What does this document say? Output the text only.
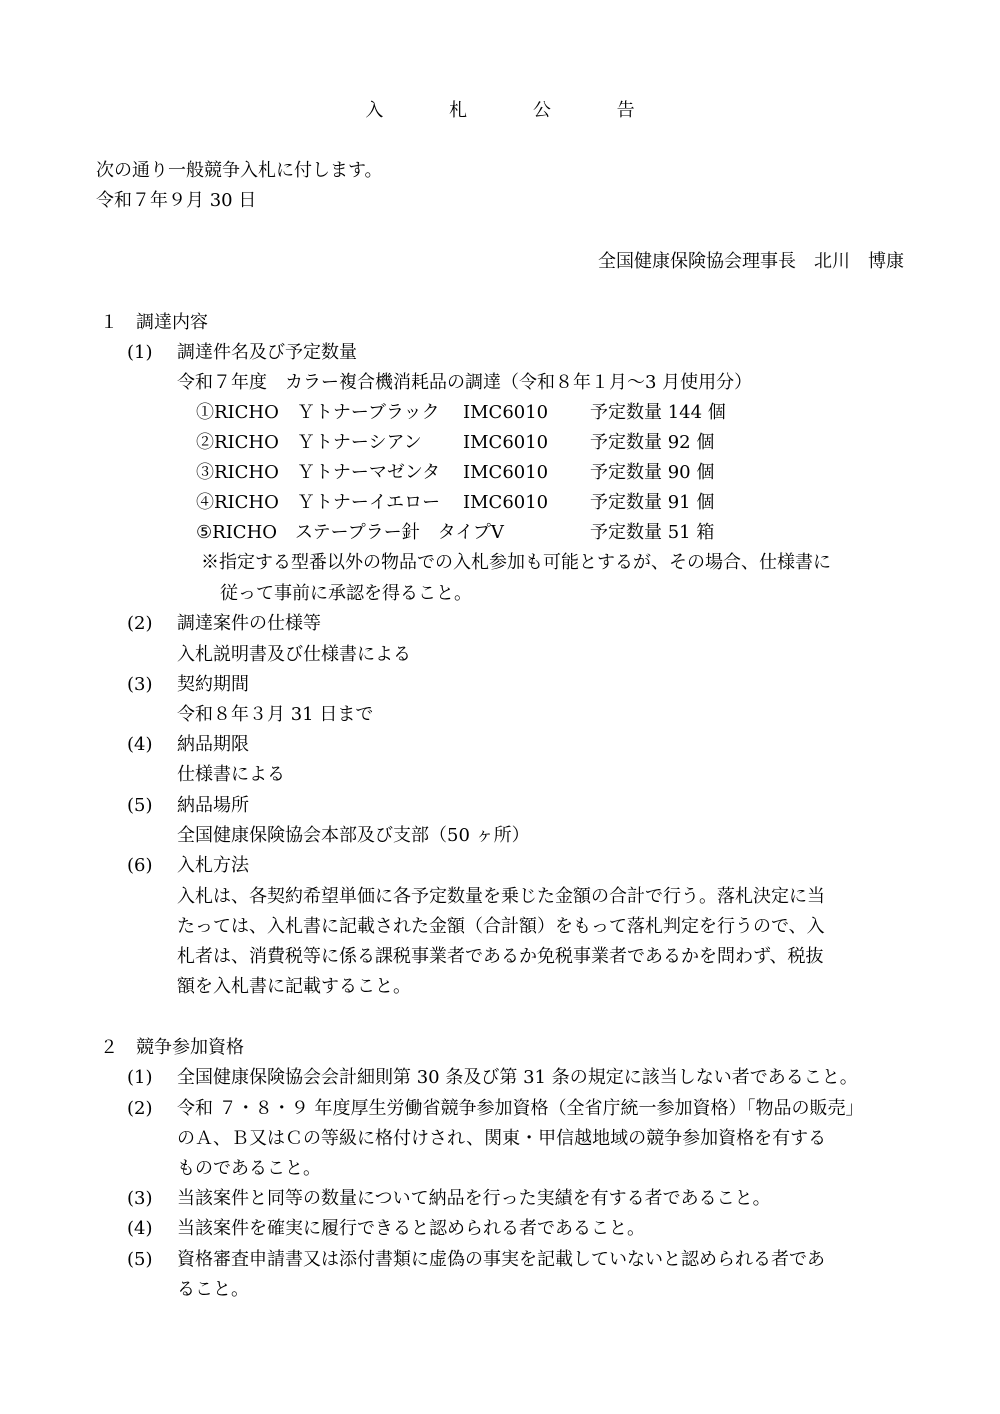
入 札 公 告
次の通り一般競争入札に付します。
令和７年９月 30 日
全国健康保険協会理事長　北川　博康
１ 調達内容
(1) 調達件名及び予定数量
令和７年度　カラー複合機消耗品の調達（令和８年１月～3 月使用分）
①RICHO　Ｙトナーブラック IMC6010 予定数量 144 個
②RICHO　Ｙトナーシアン IMC6010 予定数量 92 個
③RICHO　Ｙトナーマゼンタ IMC6010 予定数量 90 個
④RICHO　Ｙトナーイエロー IMC6010 予定数量 91 個
⑤RICHO　ステープラー針　タイプⅤ	予定数量 51 箱
※指定する型番以外の物品での入札参加も可能とするが、その場合、仕様書に
従って事前に承認を得ること。
(2) 調達案件の仕様等
入札説明書及び仕様書による
(3) 契約期間
令和８年３月 31 日まで
(4) 納品期限
仕様書による
(5) 納品場所
全国健康保険協会本部及び支部（50 ヶ所）
(6) 入札方法
入札は、各契約希望単価に各予定数量を乗じた金額の合計で行う。落札決定に当
たっては、入札書に記載された金額（合計額）をもって落札判定を行うので、入
札者は、消費税等に係る課税事業者であるか免税事業者であるかを問わず、税抜
額を入札書に記載すること。
２ 競争参加資格
(1) 全国健康保険協会会計細則第 30 条及び第 31 条の規定に該当しない者であること。
(2) 令和 ７・８・９ 年度厚生労働省競争参加資格（全省庁統一参加資格）「物品の販売」
のＡ、Ｂ又はＣの等級に格付けされ、関東・甲信越地域の競争参加資格を有する
ものであること。
(3) 当該案件と同等の数量について納品を行った実績を有する者であること。
(4) 当該案件を確実に履行できると認められる者であること。
(5) 資格審査申請書又は添付書類に虚偽の事実を記載していないと認められる者であ
ること。
